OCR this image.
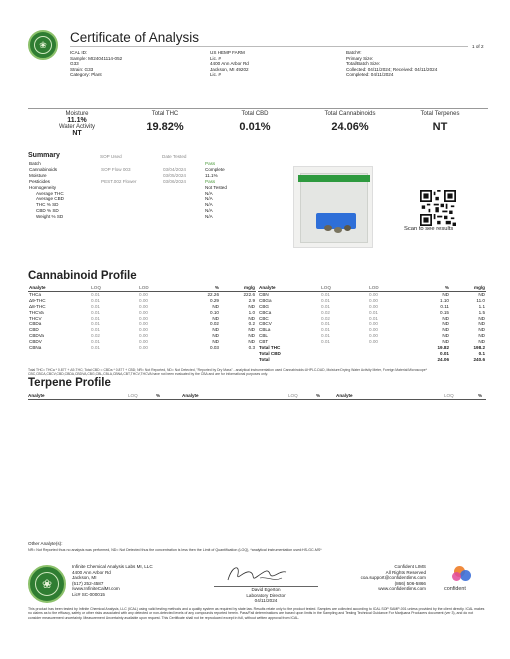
❀	Certificate of Analysis
1 of 2
ICAL ID:
Sample: MI24041114-052
G33
Strain: G33
Category: Plant
US HEMP FARM
Lic. #
4400 Ann Arbor Rd
Jackson, MI 49202
Lic. #
Batch#:
Primary Size:
Total/Batch Size:
Collected: 04/11/2024; Received: 04/11/2024
Completed: 04/11/2024
Moisture
11.1%
Water Activity
NT
Total THC
19.82%
Total CBD
0.01%
Total Cannabinoids
24.06%
Total Terpenes
NT
Summary	SOP Used	Date Tested
Batch			Pass
Cannabinoids	SOP Flow 003	03/04/2024	Complete
Moisture		03/05/2024	11.1%
Pesticides	PEST.002 Flower	03/06/2024	Pass
Homogeneity			Not Tested
Average THC			N/A
Average CBD			N/A
THC % SD			N/A
CBD % SD			N/A
Weight % SD			N/A
Scan to see results
Cannabinoid Profile
Analyte	LOQ	LOD	%	mg/g
THCa	0.01	0.00	22.26	222.6
Δ9-THC	0.01	0.00	0.29	2.9
Δ8-THC	0.01	0.00	ND	ND
THCVa	0.01	0.00	0.10	1.0
THCV	0.01	0.00	ND	ND
CBDa	0.01	0.00	0.02	0.2
CBD	0.01	0.00	ND	ND
CBDVa	0.02	0.00	ND	ND
CBDV	0.01	0.00	ND	ND
CBNa	0.01	0.00	0.03	0.3
Analyte	LOQ	LOD	%	mg/g
CBN	0.01	0.00	ND	ND
CBGa	0.01	0.00	1.10	11.0
CBG	0.01	0.00	0.11	1.1
CBCa	0.02	0.01	0.15	1.5
CBC	0.02	0.01	ND	ND
CBCV	0.01	0.00	ND	ND
CBLa	0.01	0.00	ND	ND
CBL	0.01	0.00	ND	ND
CBT	0.01	0.00	ND	ND
Total THC			19.82	198.2
Total CBD			0.01	0.1
Total			24.06	240.6
Total THC= THCa * 0.877 + Δ9-THC; Total CBD = CBDa * 0.877 + CBD; NR= Not Reported, ND= Not Detected, "Reported by Dry Mass" - analytical instrumentation used Cannabinoids:UHPLC-DAD, Moisture:Drying Water Activity Meter, Foreign Material:Microscope* CBC,CBCA,CBCV,CBD,CBDA,CBDVA,CBG,CBL,CBLA,CBNA,CBT,THCV,THCVA have not been evaluated by the CBA and are for informational purposes only.
Terpene Profile
Analyte	LOQ	%	Analyte	LOQ	%	Analyte	LOQ	%
Other Analyte(s):
NR= Not Reported thus no analysis was performed, ND= Not Detected thus the concentration is less then the Limit of Quantification (LOQ), *analytical instrumentation used:HS-GC-MS*
❀
Infinite Chemical Analysis Labs MI, LLC
4400 Ann Arbor Rd
Jackson, MI
(517) 252-4587
/www.InfiniteCalMI.com
Lic# SC-000015
David Egerton
Laboratory Director
04/11/2024
Confident LIMS
All Rights Reserved
coa.support@confidentlims.com
(866) 506-5866
www.confidentlims.com	confident
This product has been tested by Infinite Chemical Analysis, LLC (ICAL) using valid testing methods and a quality system as required by state law. Results relate only to the product tested. Samples are collected according to ICAL SOP SAMP-001 unless provided by the client directly. ICAL makes no claims as to the efficacy, safety or other risks associated with any detected or non-detected levels of any compounds reported herein. Pass/Fail determinations are based upon limits in the Sampling and Testing Technical Guidance For Marijuana Producers document (ver 3), and do not consider measurement uncertainty. Measurement Uncertainty available upon request. This Certificate shall not be reproduced except in full, without written approval from ICAL.
